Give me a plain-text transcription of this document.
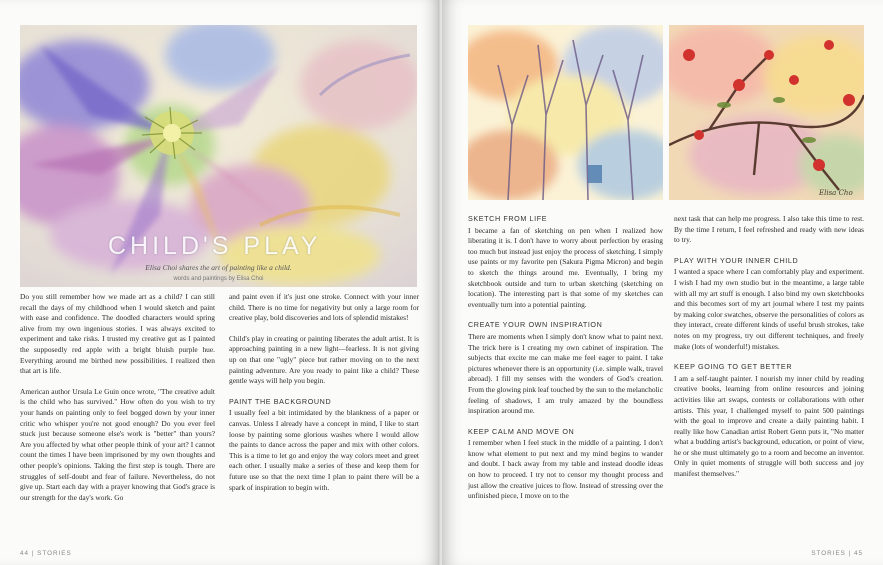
CHILD'S PLAY
Elisa Choi shares the art of painting like a child.
words and paintings by Elisa Choi

Do you still remember how we made art as a child? I can still recall the days of my childhood when I would sketch and paint with ease and confidence. The doodled characters would spring alive from my own ingenious stories. I was always excited to experiment and take risks. I trusted my creative gut as I painted the supposedly red apple with a bright bluish purple hue. Everything around me birthed new possibilities. I realized then that art is life.

American author Ursula Le Guin once wrote, "The creative adult is the child who has survived." How often do you wish to try your hands on painting only to feel bogged down by your inner critic who whisper you're not good enough? Do you ever feel stuck just because someone else's work is "better" than yours? Are you affected by what other people think of your art? I cannot count the times I have been imprisoned by my own thoughts and other people's opinions. Taking the first step is tough. There are struggles of self-doubt and fear of failure. Nevertheless, do not give up. Start each day with a prayer knowing that God's grace is our strength for the day's work. Go

and paint even if it's just one stroke. Connect with your inner child. There is no time for negativity but only a large room for creative play, bold discoveries and lots of splendid mistakes!

Child's play in creating or painting liberates the adult artist. It is approaching painting in a new light—fearless. It is not giving up on that one "ugly" piece but rather moving on to the next painting adventure. Are you ready to paint like a child? These gentle ways will help you begin.

PAINT THE BACKGROUND

I usually feel a bit intimidated by the blankness of a paper or canvas. Unless I already have a concept in mind, I like to start loose by painting some glorious washes where I would allow the paints to dance across the paper and mix with other colors. This is a time to let go and enjoy the way colors meet and greet each other. I usually make a series of these and keep them for future use so that the next time I plan to paint there will be a spark of inspiration to begin with.

44 | STORIES
Elisa Cho
SKETCH FROM LIFE

I became a fan of sketching on pen when I realized how liberating it is. I don't have to worry about perfection by erasing too much but instead just enjoy the process of sketching. I simply use paints or my favorite pen (Sakura Pigma Micron) and begin to sketch the things around me. Eventually, I bring my sketchbook outside and turn to urban sketching (sketching on location). The interesting part is that some of my sketches can eventually turn into a potential painting.

CREATE YOUR OWN INSPIRATION

There are moments when I simply don't know what to paint next. The trick here is I creating my own cabinet of inspiration. The subjects that excite me can make me feel eager to paint. I take pictures whenever there is an opportunity (i.e. simple walk, travel abroad). I fill my senses with the wonders of God's creation. From the glowing pink leaf touched by the sun to the melancholic feeling of shadows, I am truly amazed by the boundless inspiration around me.

KEEP CALM AND MOVE ON

I remember when I feel stuck in the middle of a painting. I don't know what element to put next and my mind begins to wander and doubt. I back away from my table and instead doodle ideas on how to proceed. I try not to censor my thought process and just allow the creative juices to flow. Instead of stressing over the unfinished piece, I move on to the

next task that can help me progress. I also take this time to rest. By the time I return, I feel refreshed and ready with new ideas to try.

PLAY WITH YOUR INNER CHILD

I wanted a space where I can comfortably play and experiment. I wish I had my own studio but in the meantime, a large table with all my art stuff is enough. I also bind my own sketchbooks and this becomes sort of my art journal where I test my paints by making color swatches, observe the personalities of colors as they interact, create different kinds of useful brush strokes, take notes on my progress, try out different techniques, and freely make (lots of wonderful!) mistakes.

KEEP GOING TO GET BETTER

I am a self-taught painter. I nourish my inner child by reading creative books, learning from online resources and joining activities like art swaps, contests or collaborations with other artists. This year, I challenged myself to paint 500 paintings with the goal to improve and create a daily painting habit. I really like how Canadian artist Robert Genn puts it, "No matter what a budding artist's background, education, or point of view, he or she must ultimately go to a room and become an inventor. Only in quiet moments of struggle will both success and joy manifest themselves."

STORIES | 45
